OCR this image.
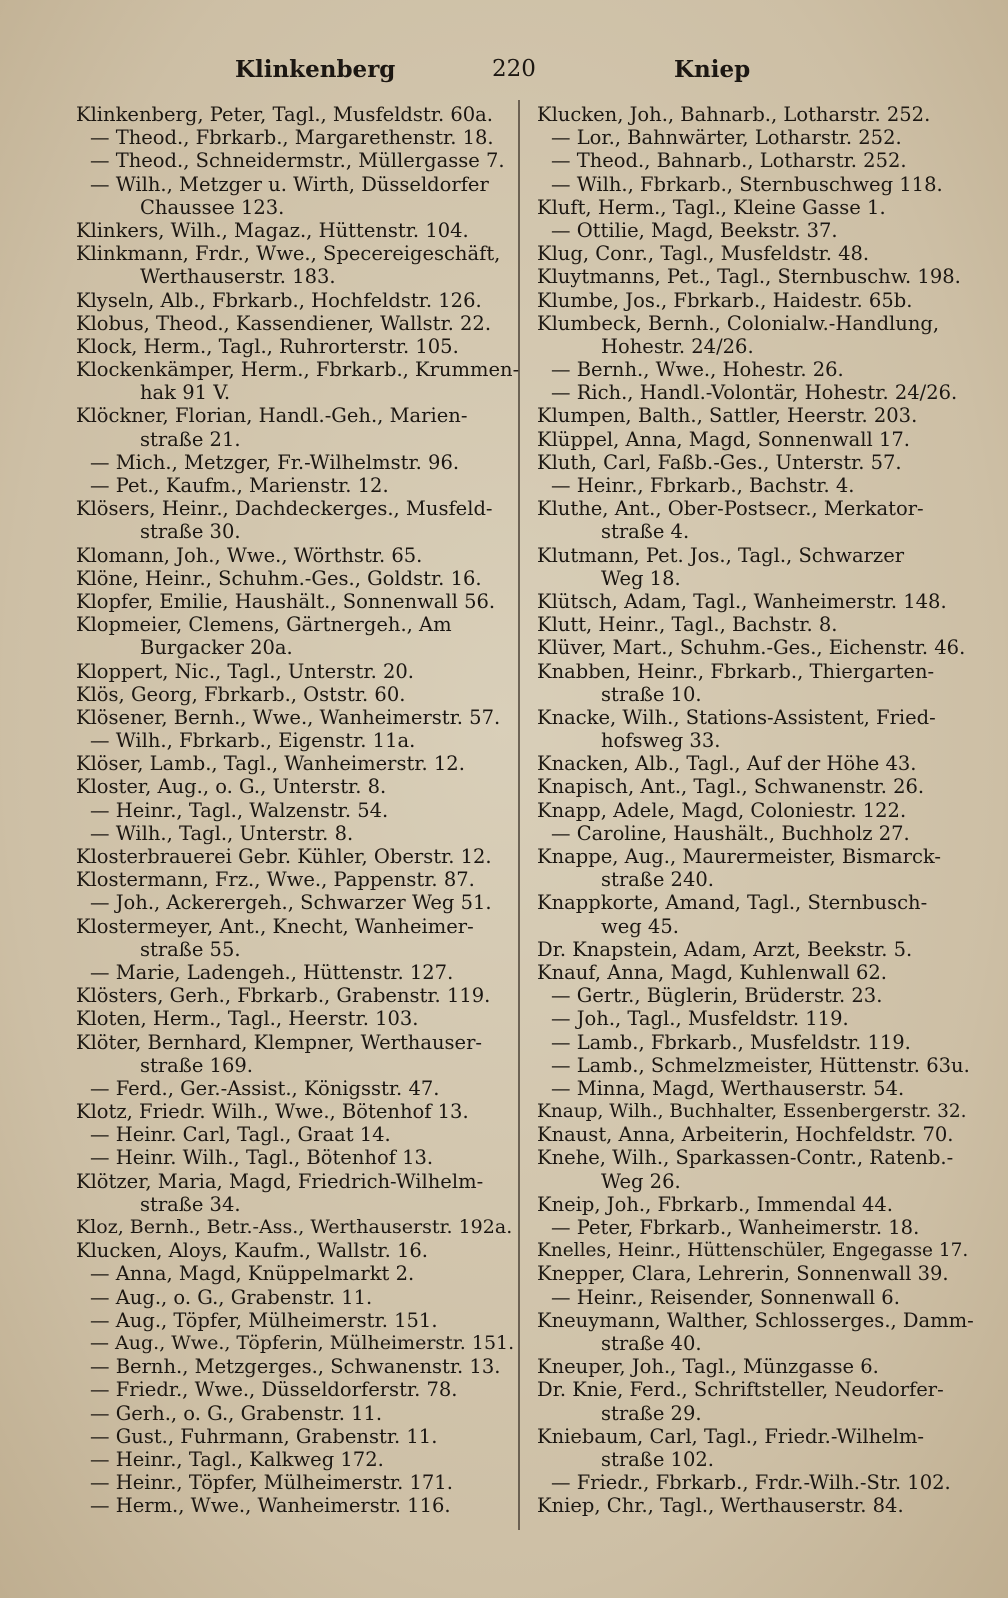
Klinkenberg	220	Kniep
Klinkenberg, Peter, Tagl., Musfeldstr. 60a.
— Theod., Fbrkarb., Margarethenstr. 18.
— Theod., Schneidermstr., Müllergasse 7.
— Wilh., Metzger u. Wirth, Düsseldorfer
Chaussee 123.
Klinkers, Wilh., Magaz., Hüttenstr. 104.
Klinkmann, Frdr., Wwe., Specereigeschäft,
Werthauserstr. 183.
Klyseln, Alb., Fbrkarb., Hochfeldstr. 126.
Klobus, Theod., Kassendiener, Wallstr. 22.
Klock, Herm., Tagl., Ruhrorterstr. 105.
Klockenkämper, Herm., Fbrkarb., Krummen-
hak 91 V.
Klöckner, Florian, Handl.-Geh., Marien-
straße 21.
— Mich., Metzger, Fr.-Wilhelmstr. 96.
— Pet., Kaufm., Marienstr. 12.
Klösers, Heinr., Dachdeckerges., Musfeld-
straße 30.
Klomann, Joh., Wwe., Wörthstr. 65.
Klöne, Heinr., Schuhm.-Ges., Goldstr. 16.
Klopfer, Emilie, Haushält., Sonnenwall 56.
Klopmeier, Clemens, Gärtnergeh., Am
Burgacker 20a.
Kloppert, Nic., Tagl., Unterstr. 20.
Klös, Georg, Fbrkarb., Oststr. 60.
Klösener, Bernh., Wwe., Wanheimerstr. 57.
— Wilh., Fbrkarb., Eigenstr. 11a.
Klöser, Lamb., Tagl., Wanheimerstr. 12.
Kloster, Aug., o. G., Unterstr. 8.
— Heinr., Tagl., Walzenstr. 54.
— Wilh., Tagl., Unterstr. 8.
Klosterbrauerei Gebr. Kühler, Oberstr. 12.
Klostermann, Frz., Wwe., Pappenstr. 87.
— Joh., Ackerergeh., Schwarzer Weg 51.
Klostermeyer, Ant., Knecht, Wanheimer-
straße 55.
— Marie, Ladengeh., Hüttenstr. 127.
Klösters, Gerh., Fbrkarb., Grabenstr. 119.
Kloten, Herm., Tagl., Heerstr. 103.
Klöter, Bernhard, Klempner, Werthauser-
straße 169.
— Ferd., Ger.-Assist., Königsstr. 47.
Klotz, Friedr. Wilh., Wwe., Bötenhof 13.
— Heinr. Carl, Tagl., Graat 14.
— Heinr. Wilh., Tagl., Bötenhof 13.
Klötzer, Maria, Magd, Friedrich-Wilhelm-
straße 34.
Kloz, Bernh., Betr.-Ass., Werthauserstr. 192a.
Klucken, Aloys, Kaufm., Wallstr. 16.
— Anna, Magd, Knüppelmarkt 2.
— Aug., o. G., Grabenstr. 11.
— Aug., Töpfer, Mülheimerstr. 151.
— Aug., Wwe., Töpferin, Mülheimerstr. 151.
— Bernh., Metzgerges., Schwanenstr. 13.
— Friedr., Wwe., Düsseldorferstr. 78.
— Gerh., o. G., Grabenstr. 11.
— Gust., Fuhrmann, Grabenstr. 11.
— Heinr., Tagl., Kalkweg 172.
— Heinr., Töpfer, Mülheimerstr. 171.
— Herm., Wwe., Wanheimerstr. 116.
Klucken, Joh., Bahnarb., Lotharstr. 252.
— Lor., Bahnwärter, Lotharstr. 252.
— Theod., Bahnarb., Lotharstr. 252.
— Wilh., Fbrkarb., Sternbuschweg 118.
Kluft, Herm., Tagl., Kleine Gasse 1.
— Ottilie, Magd, Beekstr. 37.
Klug, Conr., Tagl., Musfeldstr. 48.
Kluytmanns, Pet., Tagl., Sternbuschw. 198.
Klumbe, Jos., Fbrkarb., Haidestr. 65b.
Klumbeck, Bernh., Colonialw.-Handlung,
Hohestr. 24/26.
— Bernh., Wwe., Hohestr. 26.
— Rich., Handl.-Volontär, Hohestr. 24/26.
Klumpen, Balth., Sattler, Heerstr. 203.
Klüppel, Anna, Magd, Sonnenwall 17.
Kluth, Carl, Faßb.-Ges., Unterstr. 57.
— Heinr., Fbrkarb., Bachstr. 4.
Kluthe, Ant., Ober-Postsecr., Merkator-
straße 4.
Klutmann, Pet. Jos., Tagl., Schwarzer
Weg 18.
Klütsch, Adam, Tagl., Wanheimerstr. 148.
Klutt, Heinr., Tagl., Bachstr. 8.
Klüver, Mart., Schuhm.-Ges., Eichenstr. 46.
Knabben, Heinr., Fbrkarb., Thiergarten-
straße 10.
Knacke, Wilh., Stations-Assistent, Fried-
hofsweg 33.
Knacken, Alb., Tagl., Auf der Höhe 43.
Knapisch, Ant., Tagl., Schwanenstr. 26.
Knapp, Adele, Magd, Coloniestr. 122.
— Caroline, Haushält., Buchholz 27.
Knappe, Aug., Maurermeister, Bismarck-
straße 240.
Knappkorte, Amand, Tagl., Sternbusch-
weg 45.
Dr. Knapstein, Adam, Arzt, Beekstr. 5.
Knauf, Anna, Magd, Kuhlenwall 62.
— Gertr., Büglerin, Brüderstr. 23.
— Joh., Tagl., Musfeldstr. 119.
— Lamb., Fbrkarb., Musfeldstr. 119.
— Lamb., Schmelzmeister, Hüttenstr. 63u.
— Minna, Magd, Werthauserstr. 54.
Knaup, Wilh., Buchhalter, Essenbergerstr. 32.
Knaust, Anna, Arbeiterin, Hochfeldstr. 70.
Knehe, Wilh., Sparkassen-Contr., Ratenb.-
Weg 26.
Kneip, Joh., Fbrkarb., Immendal 44.
— Peter, Fbrkarb., Wanheimerstr. 18.
Knelles, Heinr., Hüttenschüler, Engegasse 17.
Knepper, Clara, Lehrerin, Sonnenwall 39.
— Heinr., Reisender, Sonnenwall 6.
Kneuymann, Walther, Schlosserges., Damm-
straße 40.
Kneuper, Joh., Tagl., Münzgasse 6.
Dr. Knie, Ferd., Schriftsteller, Neudorfer-
straße 29.
Kniebaum, Carl, Tagl., Friedr.-Wilhelm-
straße 102.
— Friedr., Fbrkarb., Frdr.-Wilh.-Str. 102.
Kniep, Chr., Tagl., Werthauserstr. 84.
